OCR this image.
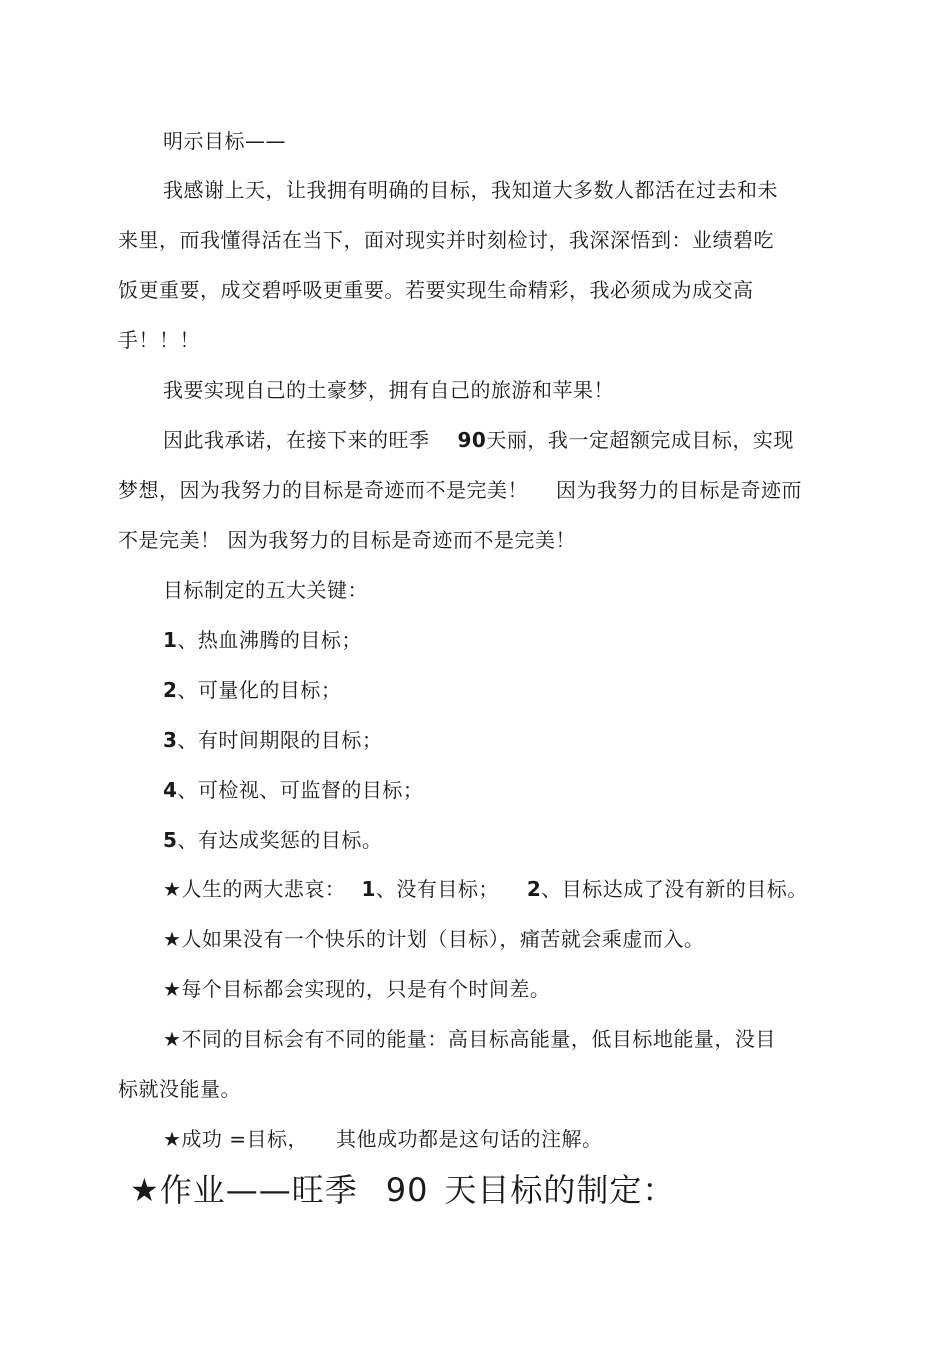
明示目标——
我感谢上天，让我拥有明确的目标，我知道大多数人都活在过去和未
来里，而我懂得活在当下，面对现实并时刻检讨，我深深悟到：业绩碧吃
饭更重要，成交碧呼吸更重要。若要实现生命精彩，我必须成为成交高
手！！！
我要实现自己的土豪梦，拥有自己的旅游和苹果！
因此我承诺，在接下来的旺季 90天丽，我一定超额完成目标，实现
梦想，因为我努力的目标是奇迹而不是完美！ 因为我努力的目标是奇迹而
不是完美！ 因为我努力的目标是奇迹而不是完美！
目标制定的五大关键：
1、热血沸腾的目标；
2、可量化的目标；
3、有时间期限的目标；
4、可检视、可监督的目标；
5、有达成奖惩的目标。
★人生的两大悲哀： 1、没有目标； 2、目标达成了没有新的目标。
★人如果没有一个快乐的计划（目标），痛苦就会乘虚而入。
★每个目标都会实现的，只是有个时间差。
★不同的目标会有不同的能量：高目标高能量，低目标地能量，没目
标就没能量。
★成功 =目标， 其他成功都是这句话的注解。
★作业——旺季 90 天目标的制定：
